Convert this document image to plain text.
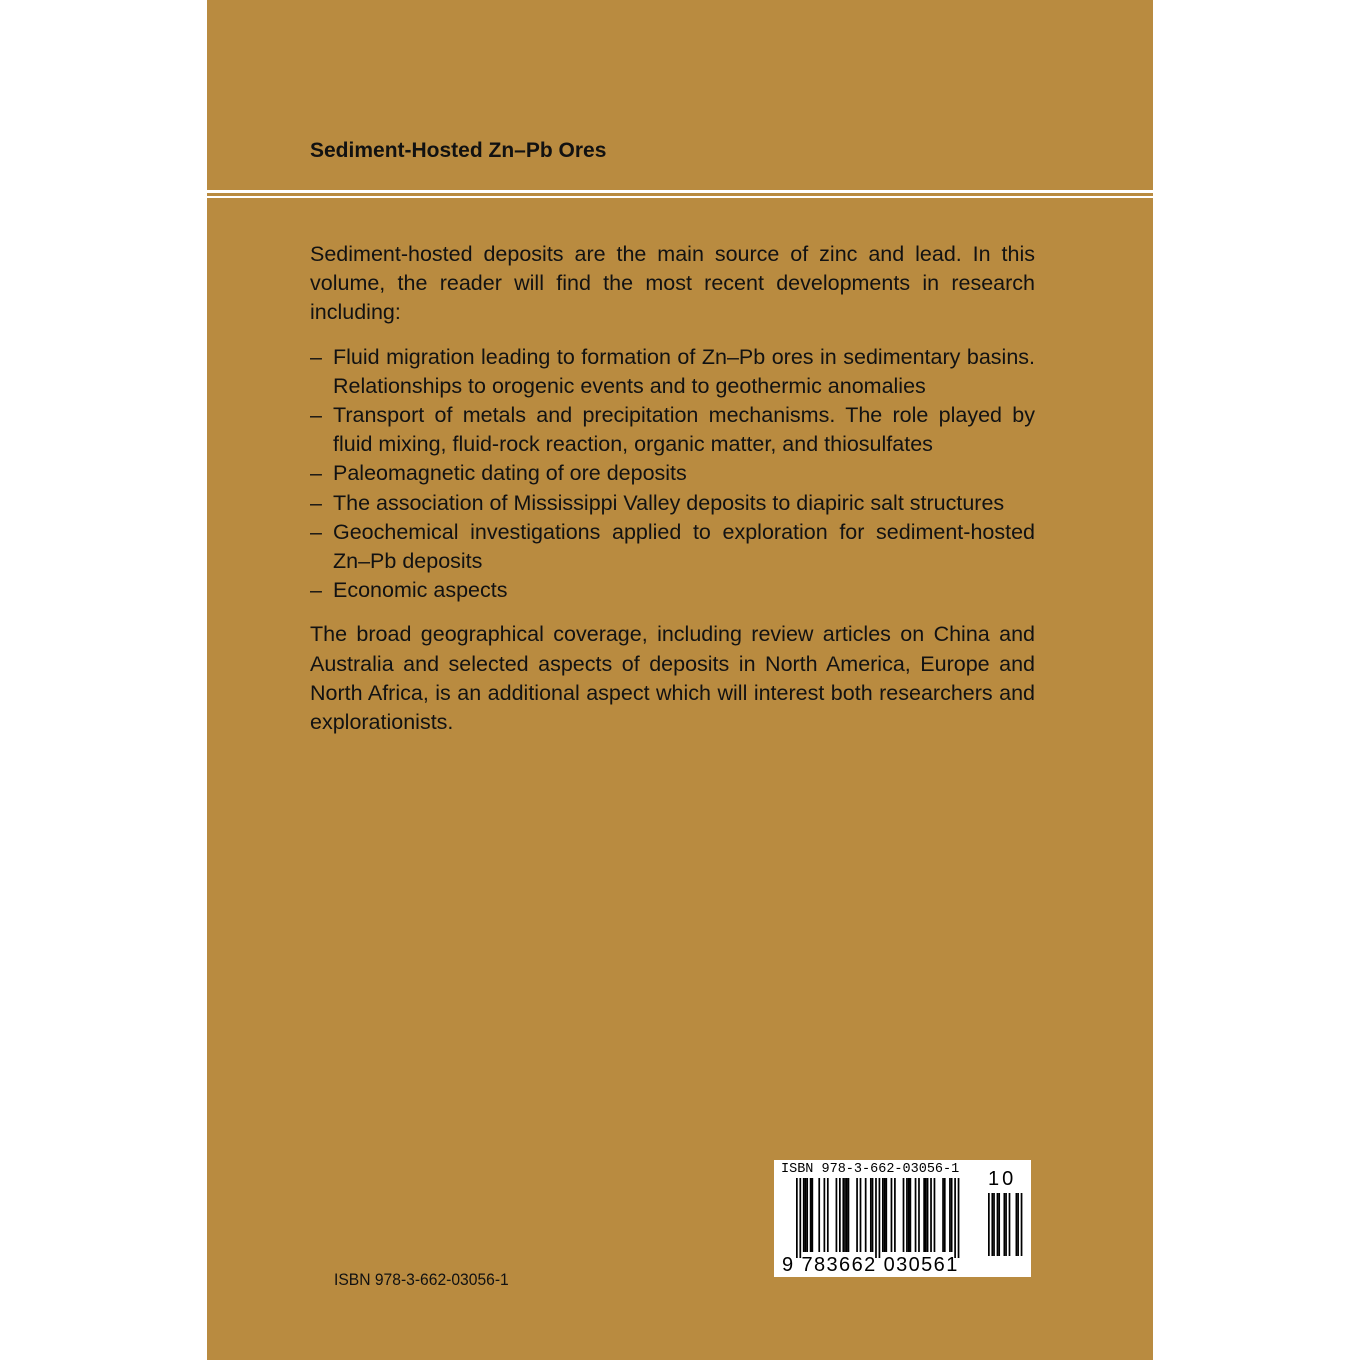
Sediment-Hosted Zn–Pb Ores

Sediment-hosted deposits are the main source of zinc and lead. In this volume, the reader will find the most recent developments in research including:

– Fluid migration leading to formation of Zn–Pb ores in sedimentary basins. Relationships to orogenic events and to geothermic anomalies
– Transport of metals and precipitation mechanisms. The role played by fluid mixing, fluid-rock reaction, organic matter, and thiosulfates
– Paleomagnetic dating of ore deposits
– The association of Mississippi Valley deposits to diapiric salt structures
– Geochemical investigations applied to exploration for sediment-hosted Zn–Pb deposits
– Economic aspects

The broad geographical coverage, including review articles on China and Australia and selected aspects of deposits in North America, Europe and North Africa, is an additional aspect which will interest both researchers and explorationists.

ISBN 978-3-662-03056-1
ISBN 978-3-662-03056-1
9 783662 030561
10
